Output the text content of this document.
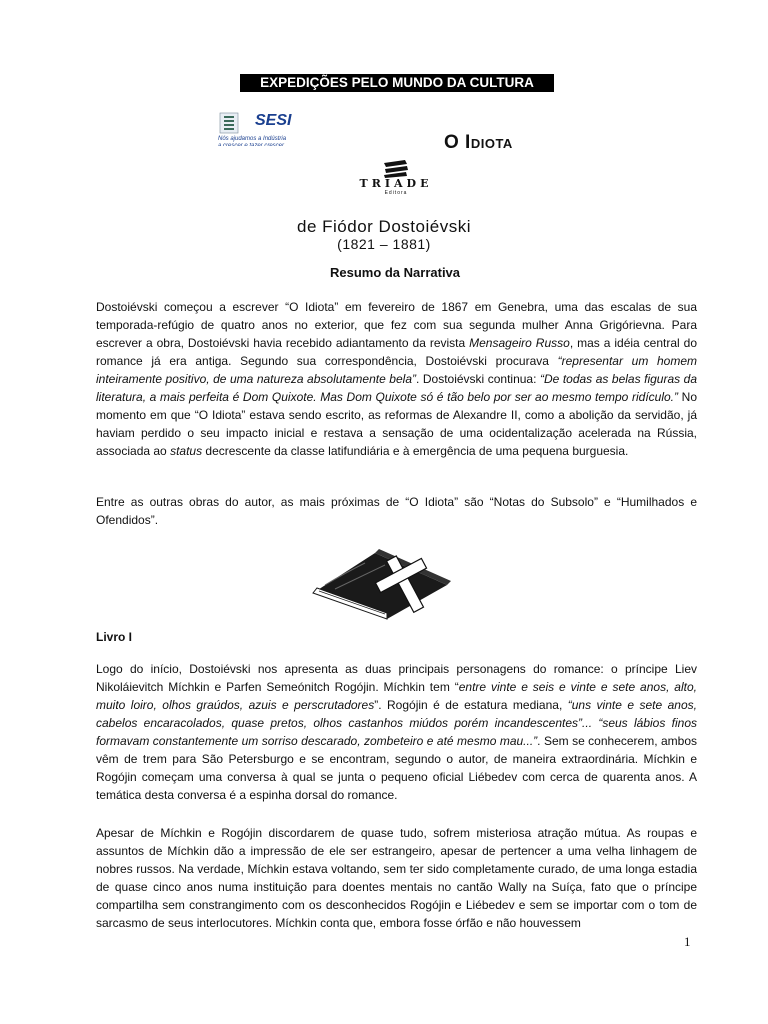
EXPEDIÇÕES PELO MUNDO DA CULTURA
SESI
Nós ajudamos a Indústria
a crescer e fazer crescer	O Idiota
TRIADE
Editora
de Fiódor Dostoiévski
(1821 – 1881)
Resumo da Narrativa

Dostoiévski começou a escrever “O Idiota” em fevereiro de 1867 em Genebra, uma das escalas de sua temporada-refúgio de quatro anos no exterior, que fez com sua segunda mulher Anna Grigórievna. Para escrever a obra, Dostoiévski havia recebido adiantamento da revista Mensageiro Russo, mas a idéia central do romance já era antiga. Segundo sua correspondência, Dostoiévski procurava “representar um homem inteiramente positivo, de uma natureza absolutamente bela”. Dostoiévski continua: “De todas as belas figuras da literatura, a mais perfeita é Dom Quixote. Mas Dom Quixote só é tão belo por ser ao mesmo tempo ridículo.” No momento em que “O Idiota” estava sendo escrito, as reformas de Alexandre II, como a abolição da servidão, já haviam perdido o seu impacto inicial e restava a sensação de uma ocidentalização acelerada na Rússia, associada ao status decrescente da classe latifundiária e à emergência de uma pequena burguesia.

Entre as outras obras do autor, as mais próximas de “O Idiota” são “Notas do Subsolo” e “Humilhados e Ofendidos”.

Livro I

Logo do início, Dostoiévski nos apresenta as duas principais personagens do romance: o príncipe Liev Nikoláievitch Míchkin e Parfen Semeónitch Rogójin. Míchkin tem “entre vinte e seis e vinte e sete anos, alto, muito loiro, olhos graúdos, azuis e perscrutadores”. Rogójin é de estatura mediana, “uns vinte e sete anos, cabelos encaracolados, quase pretos, olhos castanhos miúdos porém incandescentes”... “seus lábios finos formavam constantemente um sorriso descarado, zombeteiro e até mesmo mau...”. Sem se conhecerem, ambos vêm de trem para São Petersburgo e se encontram, segundo o autor, de maneira extraordinária. Míchkin e Rogójin começam uma conversa à qual se junta o pequeno oficial Liébedev com cerca de quarenta anos. A temática desta conversa é a espinha dorsal do romance.

Apesar de Míchkin e Rogójin discordarem de quase tudo, sofrem misteriosa atração mútua. As roupas e assuntos de Míchkin dão a impressão de ele ser estrangeiro, apesar de pertencer a uma velha linhagem de nobres russos. Na verdade, Míchkin estava voltando, sem ter sido completamente curado, de uma longa estadia de quase cinco anos numa instituição para doentes mentais no cantão Wally na Suíça, fato que o príncipe compartilha sem constrangimento com os desconhecidos Rogójin e Liébedev e sem se importar com o tom de sarcasmo de seus interlocutores. Míchkin conta que, embora fosse órfão e não houvessem

1
